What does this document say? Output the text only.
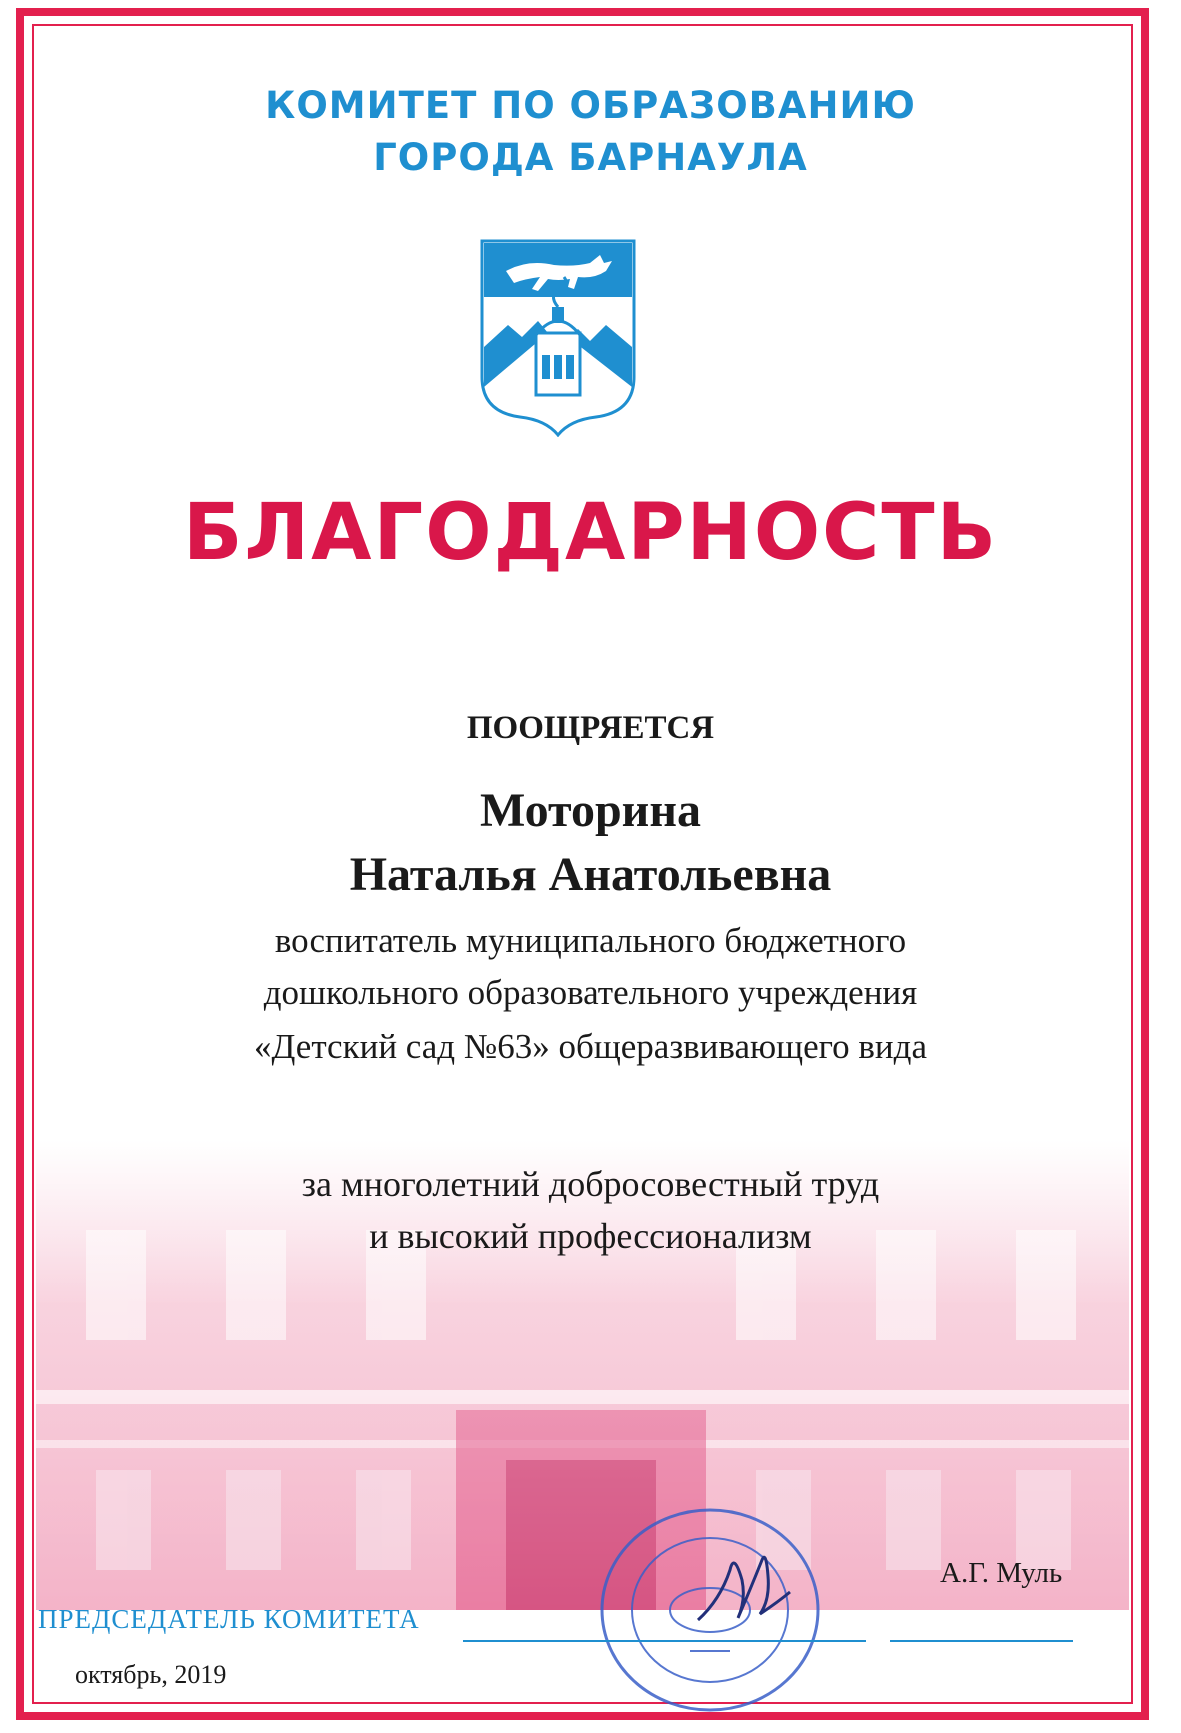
КОМИТЕТ ПО ОБРАЗОВАНИЮ
ГОРОДА БАРНАУЛА
БЛАГОДАРНОСТЬ
ПООЩРЯЕТСЯ
Моторина
Наталья Анатольевна
воспитатель муниципального бюджетного
дошкольного образовательного учреждения
«Детский сад №63» общеразвивающего вида
за многолетний добросовестный труд
и высокий профессионализм
А.Г. Муль
ПРЕДСЕДАТЕЛЬ КОМИТЕТА
октябрь, 2019
